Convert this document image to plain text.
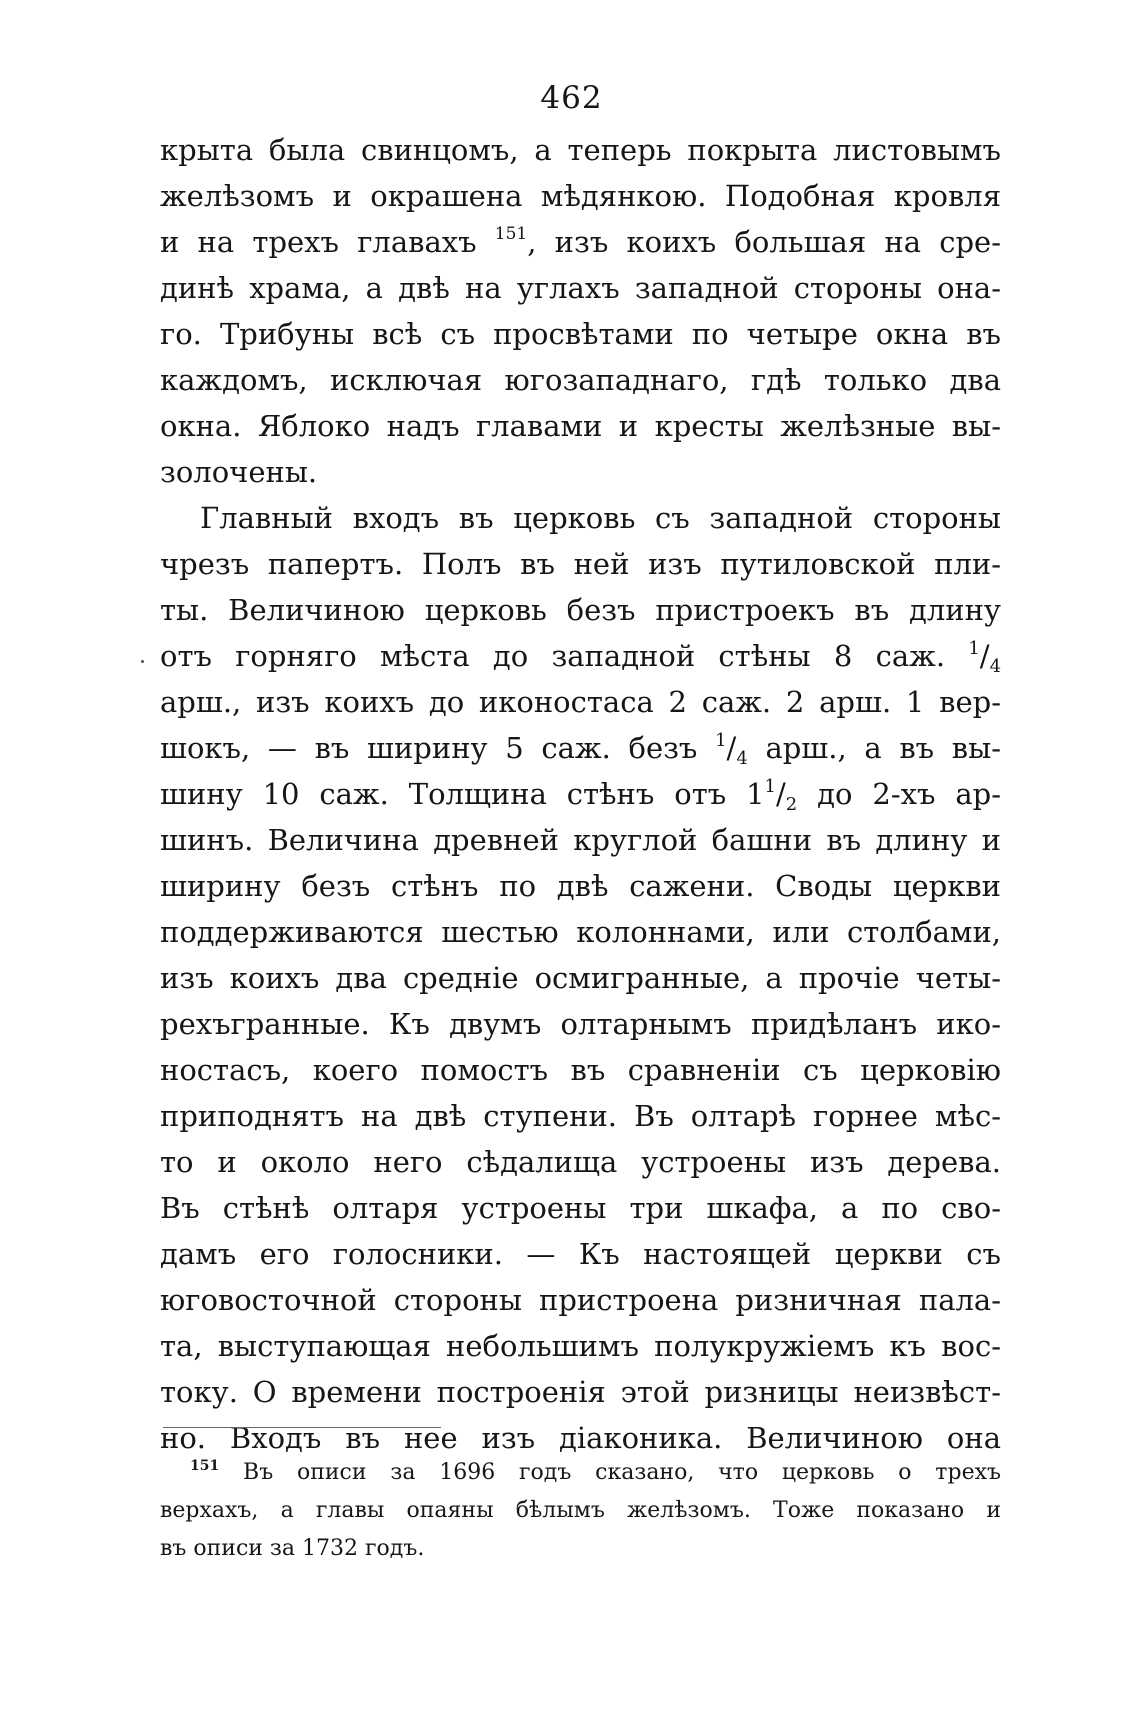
462
крыта была свинцомъ, а теперь покрыта листовымъ
желѣзомъ и окрашена мѣдянкою. Подобная кровля
и на трехъ главахъ $^{151}$, изъ коихъ большая на сре-
динѣ храма, а двѣ на углахъ западной стороны она-
го. Трибуны всѣ съ просвѣтами по четыре окна въ
каждомъ, исключая югозападнаго, гдѣ только два
окна. Яблоко надъ главами и кресты желѣзные вы-
золочены.
Главный входъ въ церковь съ западной стороны
чрезъ папертъ. Полъ въ ней изъ путиловской пли-
ты. Величиною церковь безъ пристроекъ въ длину
отъ горняго мѣста до западной стѣны 8 саж. $^1/_4$
арш., изъ коихъ до иконостаса 2 саж. 2 арш. 1 вер-
шокъ, — въ ширину 5 саж. безъ $^1/_4$ арш., а въ вы-
шину 10 саж. Толщина стѣнъ отъ $1^1/_2$ до 2-хъ ар-
шинъ. Величина древней круглой башни въ длину и
ширину безъ стѣнъ по двѣ сажени. Своды церкви
поддерживаются шестью колоннами, или столбами,
изъ коихъ два среднiе осмигранные, а прочiе четы-
рехъгранные. Къ двумъ олтарнымъ придѣланъ ико-
ностасъ, коего помостъ въ сравненiи съ церковiю
приподнятъ на двѣ ступени. Въ олтарѣ горнее мѣс-
то и около него сѣдалища устроены изъ дерева.
Въ стѣнѣ олтаря устроены три шкафа, а по сво-
дамъ его голосники. — Къ настоящей церкви съ
юговосточной стороны пристроена ризничная пала-
та, выступающая небольшимъ полукружiемъ къ вос-
току. О времени построенiя этой ризницы неизвѣст-
но. Входъ въ нее изъ дiаконика. Величиною она
$^{151}$ Въ описи за 1696 годъ сказано, что церковь о трехъ
верхахъ, а главы опаяны бѣлымъ желѣзомъ. Тоже показано и
въ описи за 1732 годъ.
